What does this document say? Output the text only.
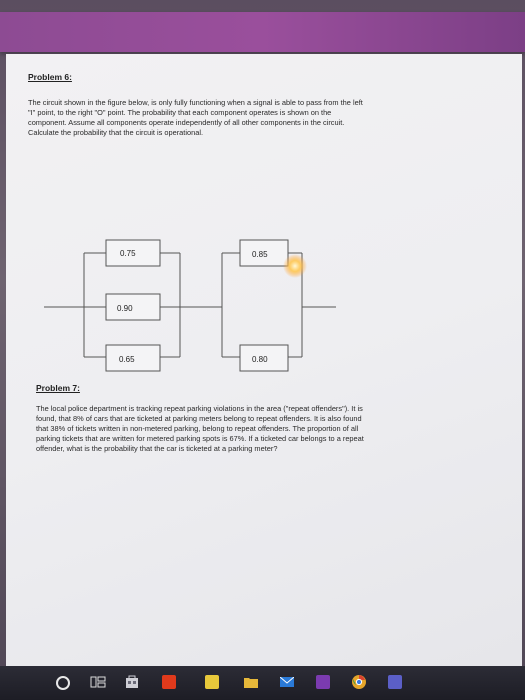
Problem 6:

The circuit shown in the figure below, is only fully functioning when a signal is able to pass from the left
"I" point, to the right "O" point. The probability that each component operates is shown on the
component. Assume all components operate independently of all other components in the circuit.
Calculate the probability that the circuit is operational.

0.75
0.90
0.65
0.85
0.80
Problem 7:

The local police department is tracking repeat parking violations in the area ("repeat offenders"). It is
found, that 8% of cars that are ticketed at parking meters belong to repeat offenders. It is also found
that 38% of tickets written in non-metered parking, belong to repeat offenders. The proportion of all
parking tickets that are written for metered parking spots is 67%. If a ticketed car belongs to a repeat
offender, what is the probability that the car is ticketed at a parking meter?
